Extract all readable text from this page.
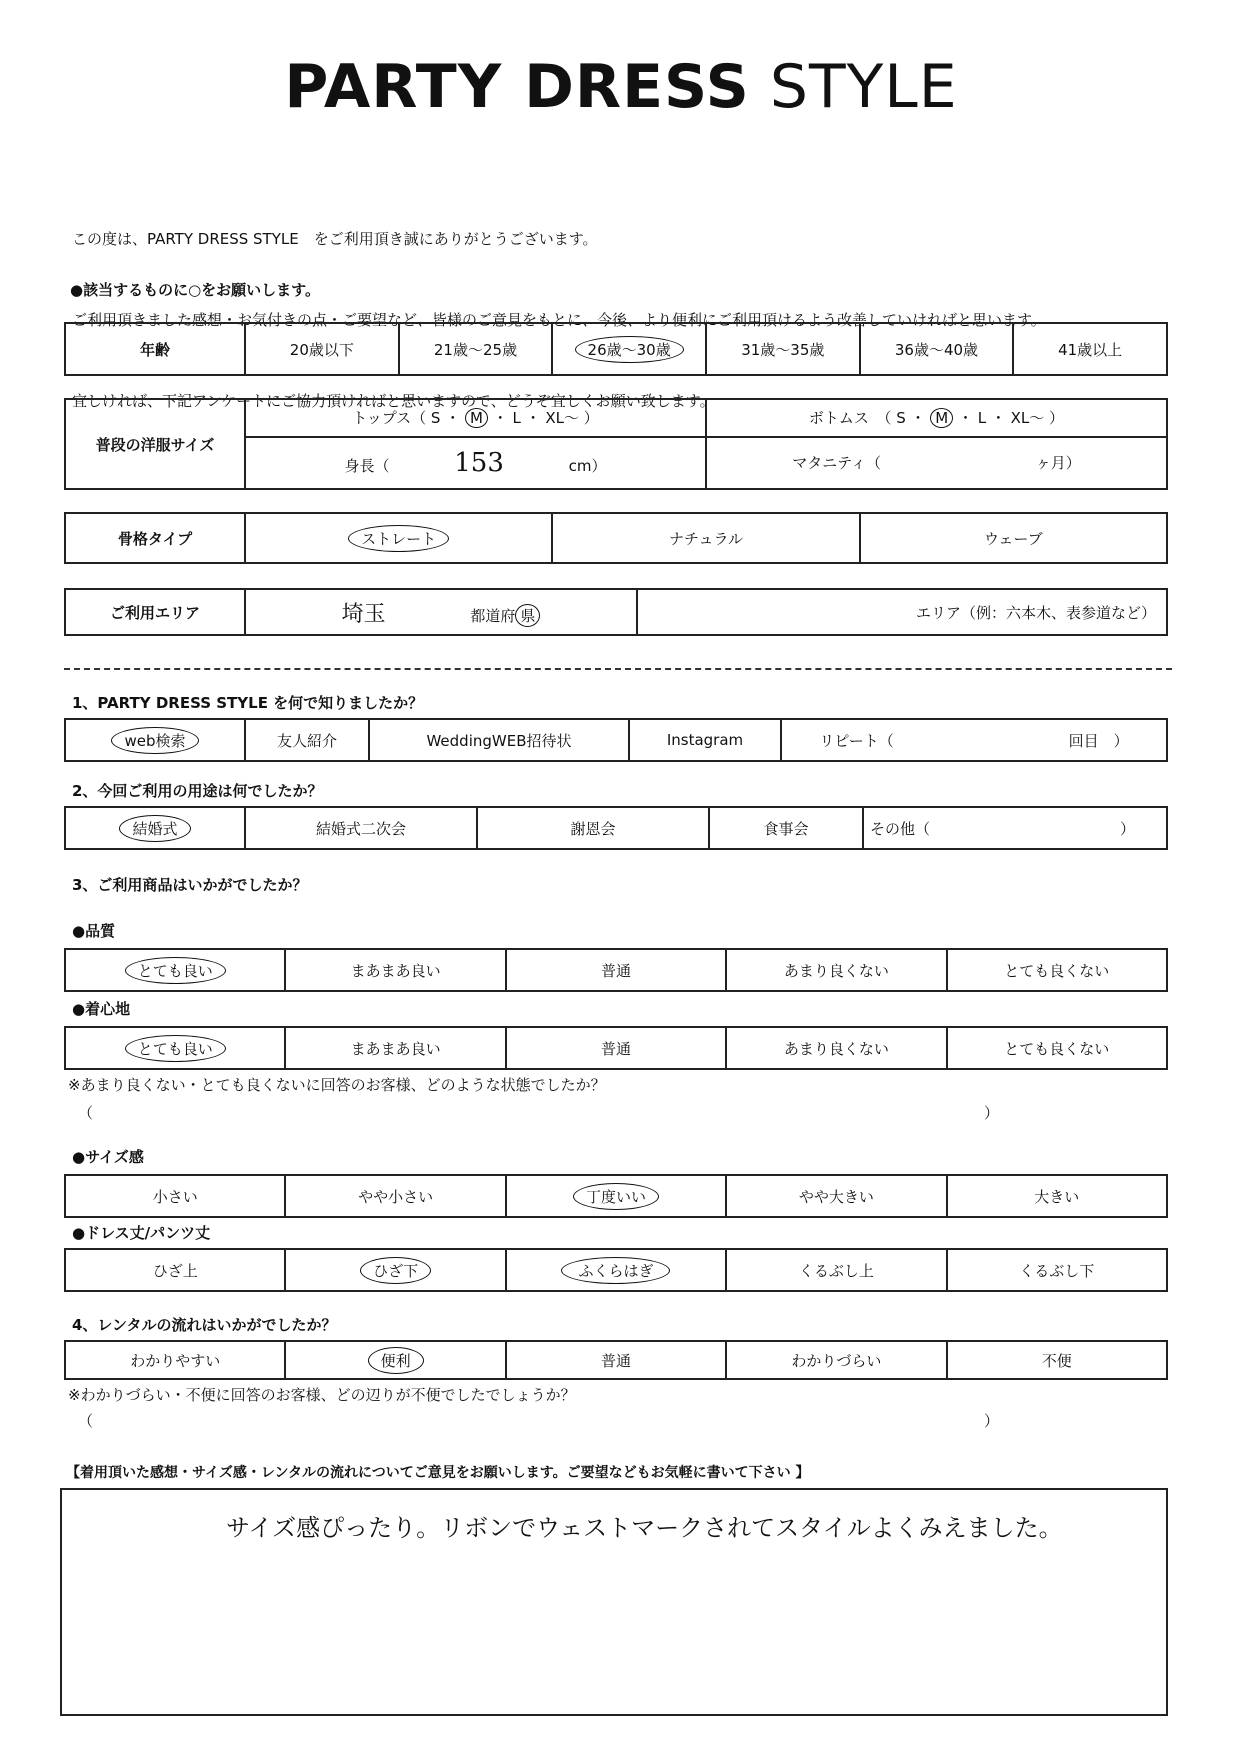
PARTY DRESS STYLE

この度は、PARTY DRESS STYLE　をご利用頂き誠にありがとうございます。

ご利用頂きました感想・お気付きの点・ご要望など、皆様のご意見をもとに、今後、より便利にご利用頂けるよう改善していければと思います。

宜しければ、下記アンケートにご協力頂ければと思いますので、どうぞ宜しくお願い致します。

●該当するものに○をお願いします。
年齢	20歳以下	21歳～25歳	26歳～30歳	31歳～35歳	36歳～40歳	41歳以上
普段の洋服サイズ	トップス（ S ・ M ・ L ・ XL～ ）	ボトムス　（ S ・ M ・ L ・ XL～ ）
	身長（ 153 cm）	マタニティ（ ヶ月）
骨格タイプ	ストレート	ナチュラル	ウェーブ
ご利用エリア	埼玉	都道府 県	エリア（例：六本木、表参道など）
1、PARTY DRESS STYLE を何で知りましたか？
web検索	友人紹介	WeddingWEB招待状	Instagram	リピート（	回目　）
2、今回ご利用の用途は何でしたか？
結婚式	結婚式二次会	謝恩会	食事会	その他（	）
3、ご利用商品はいかがでしたか？
●品質
とても良い	まあまあ良い	普通	あまり良くない	とても良くない
●着心地
とても良い	まあまあ良い	普通	あまり良くない	とても良くない
※あまり良くない・とても良くないに回答のお客様、どのような状態でしたか？
（	）
●サイズ感
小さい	やや小さい	丁度いい	やや大きい	大きい
●ドレス丈/パンツ丈
ひざ上	ひざ下	ふくらはぎ	くるぶし上	くるぶし下
4、レンタルの流れはいかがでしたか？
わかりやすい	便利	普通	わかりづらい	不便
※わかりづらい・不便に回答のお客様、どの辺りが不便でしたでしょうか？
（	）
【着用頂いた感想・サイズ感・レンタルの流れについてご意見をお願いします。ご要望などもお気軽に書いて下さい 】
サイズ感ぴったり。リボンでウェストマークされてスタイルよくみえました。
